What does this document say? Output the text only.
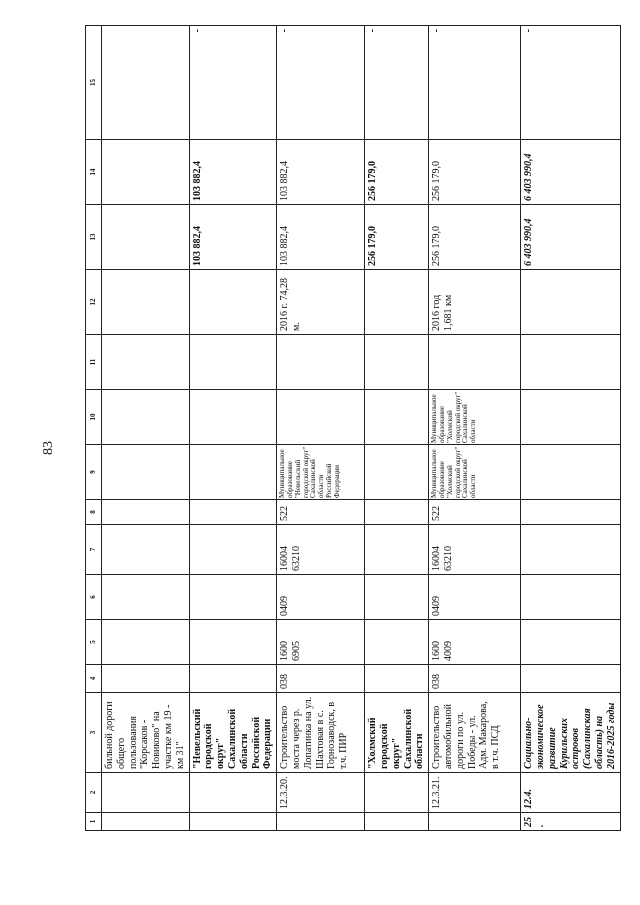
83
1	2	3	4	5	6	7	8	9	10	11	12	13	14	15
		бильной дороги общего пользования "Корсаков - Новиково" на участке км 19 - км 31"												
		"Невельский городской округ" Сахалинской области Российской Федерации										103 882,4	103 882,4	-
	12.3.20.	Строительство моста через р. Лопатинка на ул. Шахтовая в с. Горнозаводск, в т.ч. ПИР	038	1600 6905	0409	16004 63210	522	Муниципальное образование "Невельский городской округ" Сахалинской области Российской Федерации			2016 г. 74,28 м.	103 882,4	103 882,4	-
		"Холмский городской округ" Сахалинской области										256 179,0	256 179,0	-
	12.3.21.	Строительство автомобильной дороги по ул. Победы - ул. Адм. Макарова, в т.ч. ПСД	038	1600 4009	0409	16004 63210	522	Муниципальное образование "Холмский городской округ" Сахалинской области	Муниципальное образование "Холмский городской округ" Сахалинской области		2016 год 1,681 км	256 179,0	256 179,0	-
25.	12.4.	Социально-экономическое развитие Курильских островов (Сахалинская область) на 2016-2025 годы										6 403 990,4	6 403 990,4	-
